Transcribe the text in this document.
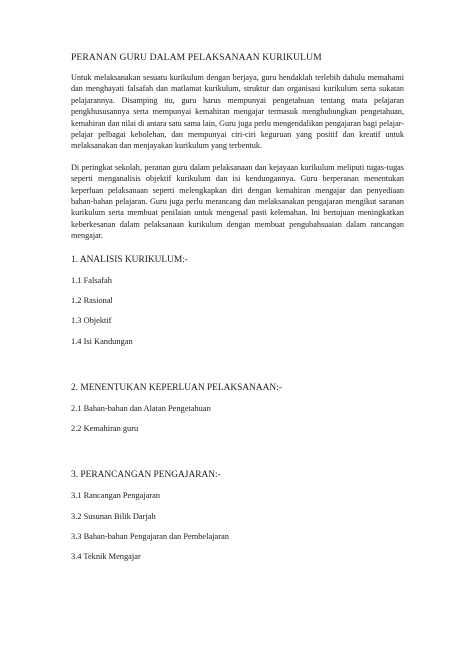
PERANAN GURU DALAM PELAKSANAAN KURIKULUM

Untuk melaksanakan sesuatu kurikulum dengan berjaya, guru hendaklah terlebih dahulu memahami dan menghayati falsafah dan matlamat kurikulum, struktur dan organisasi kurikulum serta sukatan pelajarannya. Disamping itu, guru harus mempunyai pengetahuan tentang mata pelajaran pengkhususannya serta mempunyai kemahiran mengajar termasuk menghubungkan pengetahuan, kemahiran dan nilai di antara satu sama lain, Guru juga perlu mengendalikan pengajaran bagi pelajar-pelajar pelbagai kebolehan, dan mempunyai ciri-ciri keguruan yang positif dan kreatif untuk melaksanakan dan menjayakan kurikulum yang terbentuk.

Di peringkat sekolah, peranan guru dalam pelaksanaan dan kejayaan kurikulum meliputi tugas-tugas seperti menganalisis objektif kurikulum dan isi kendungannya. Guru berperanan menentukan keperluan pelaksanaan seperti melengkapkan diri dengan kemahiran mengajar dan penyediaan bahan-bahan pelajaran. Guru juga perlu merancang dan melaksanakan pengajaran mengikut saranan kurikulum serta membuat penilaian untuk mengenal pasti kelemahan. Ini bertujuan meningkatkan keberkesanan dalam pelaksanaan kurikulum dengan membuat pengubahsuaian dalam rancangan mengajar.

1. ANALISIS KURIKULUM:-
1.1 Falsafah
1.2 Rasional
1.3 Objektif
1.4 Isi Kandungan
2. MENENTUKAN KEPERLUAN PELAKSANAAN:-
2.1 Bahan-bahan dan Alatan Pengetahuan
2.2 Kemahiran guru
3. PERANCANGAN PENGAJARAN:-
3.1 Rancangan Pengajaran
3.2 Susunan Bilik Darjah
3.3 Bahan-bahan Pengajaran dan Pembelajaran
3.4 Teknik Mengajar
